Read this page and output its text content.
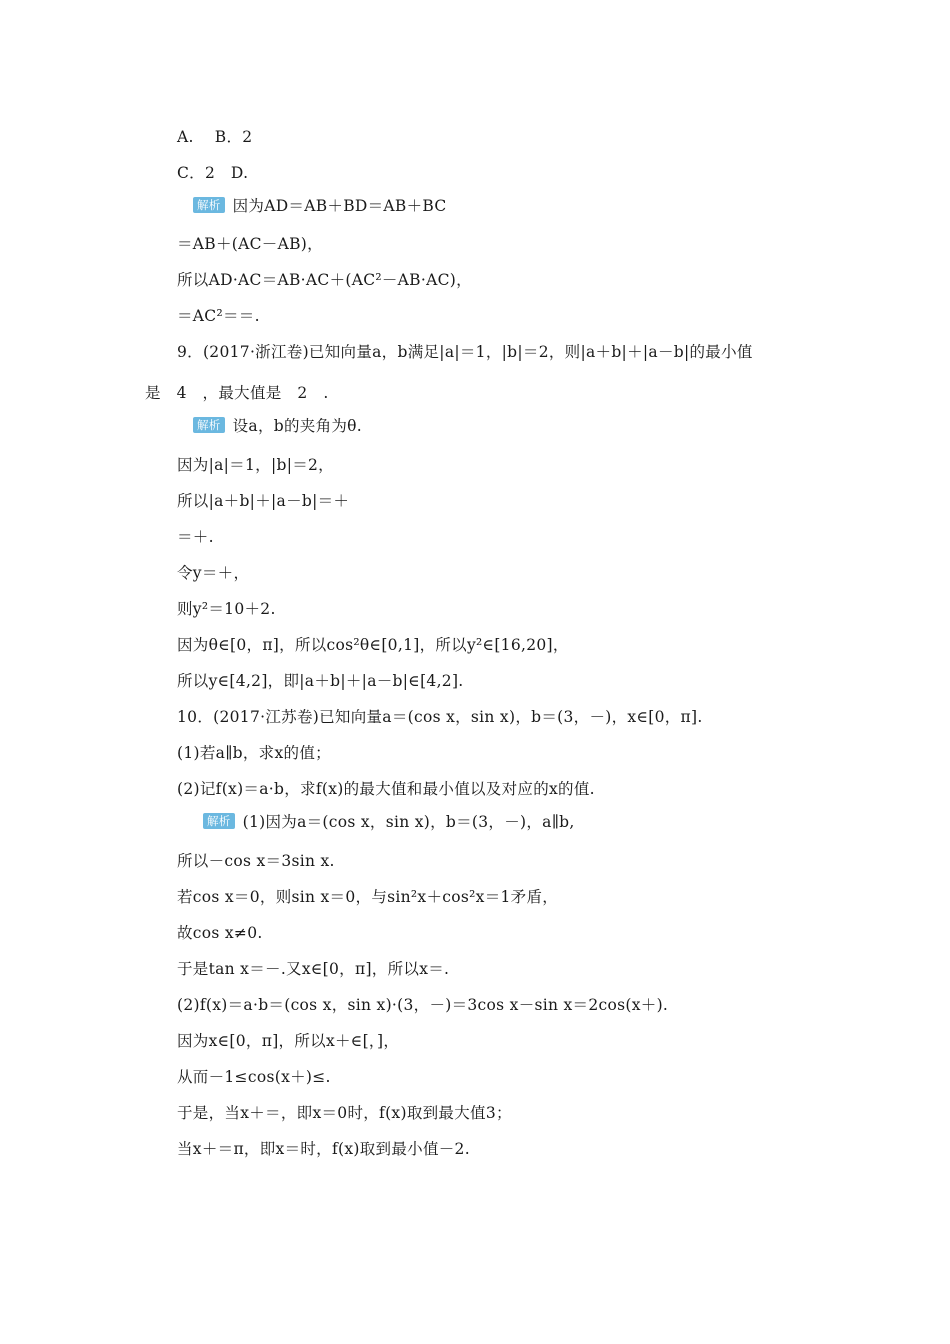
A.　 B．2
C．2　D.
解析 因为AD＝AB＋BD＝AB＋BC
＝AB＋(AC－AB)，
所以AD·AC＝AB·AC＋(AC²－AB·AC)，
＝AC²＝＝.
9．(2017·浙江卷)已知向量a，b满足|a|＝1，|b|＝2，则|a＋b|＋|a－b|的最小值
是　4　，最大值是　2　.
解析 设a，b的夹角为θ.
因为|a|＝1，|b|＝2，
所以|a＋b|＋|a－b|＝＋
＝＋.
令y＝＋，
则y²＝10＋2.
因为θ∈[0，π]，所以cos²θ∈[0,1]，所以y²∈[16,20]，
所以y∈[4,2]，即|a＋b|＋|a－b|∈[4,2].
10．(2017·江苏卷)已知向量a＝(cos x，sin x)，b＝(3，－)，x∈[0，π].
(1)若a∥b，求x的值；
(2)记f(x)＝a·b，求f(x)的最大值和最小值以及对应的x的值.
解析 (1)因为a＝(cos x，sin x)，b＝(3，－)，a∥b,
所以－cos x＝3sin x.
若cos x＝0，则sin x＝0，与sin²x＋cos²x＝1矛盾，
故cos x≠0.
于是tan x＝－.又x∈[0，π]，所以x＝.
(2)f(x)＝a·b＝(cos x，sin x)·(3，－)＝3cos x－sin x＝2cos(x＋).
因为x∈[0，π]，所以x＋∈[，]，
从而－1≤cos(x＋)≤.
于是，当x＋＝，即x＝0时，f(x)取到最大值3；
当x＋＝π，即x＝时，f(x)取到最小值－2.
